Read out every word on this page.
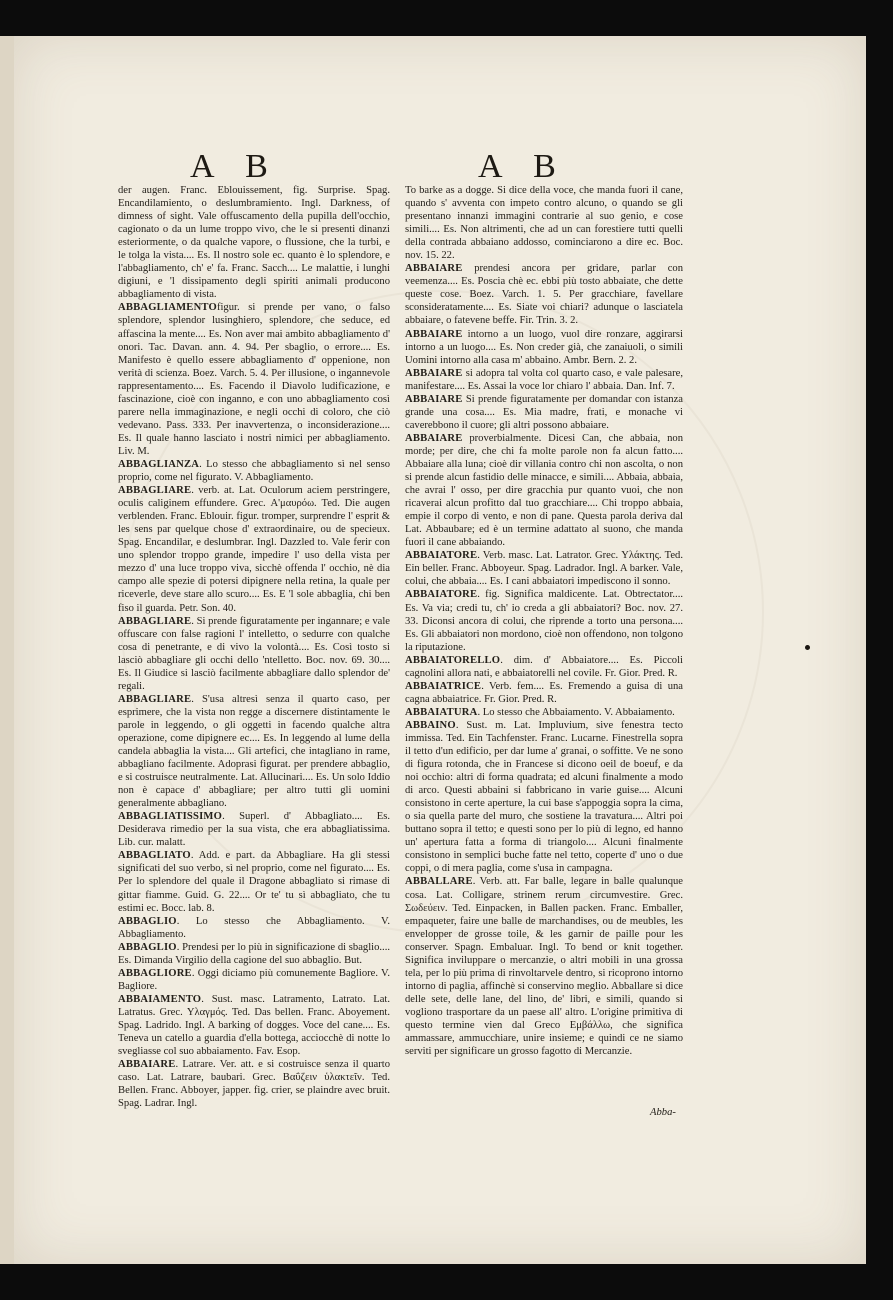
A B	A B

der augen. Franc. Eblouissement, fig. Surprise. Spag. Encandilamiento, o deslumbramiento. Ingl. Darkness, of dimness of sight. Vale offuscamento della pupilla dell'occhio, cagionato o da un lume troppo vivo, che le si presenti dinanzi esteriormente, o da qualche vapore, o flussione, che la turbi, e le tolga la vista.... Es. Il nostro sole ec. quanto è lo splendore, e l'abbagliamento, ch' e' fa. Franc. Sacch.... Le malattie, i lunghi digiuni, e 'l dissipamento degli spiriti animali producono abbagliamento di vista.

ABBAGLIAMENTOfigur. si prende per vano, o falso splendore, splendor lusinghiero, splendore, che seduce, ed affascina la mente.... Es. Non aver mai ambito abbagliamento d' onori. Tac. Davan. ann. 4. 94. Per sbaglio, o errore.... Es. Manifesto è quello essere abbagliamento d' oppenione, non verità di scienza. Boez. Varch. 5. 4. Per illusione, o ingannevole rappresentamento.... Es. Facendo il Diavolo ludificazione, e fascinazione, cioè con inganno, e con uno abbagliamento così parere nella immaginazione, e negli occhi di coloro, che ciò vedevano. Pass. 333. Per inavvertenza, o inconsiderazione.... Es. Il quale hanno lasciato i nostri nimici per abbagliamento. Liv. M.

ABBAGLIANZA. Lo stesso che abbagliamento sì nel senso proprio, come nel figurato. V. Abbagliamento.

ABBAGLIARE. verb. at. Lat. Oculorum aciem perstringere, oculis caliginem effundere. Grec. Α'μαυρόω. Ted. Die augen verblenden. Franc. Eblouir. figur. tromper, surprendre l' esprit & les sens par quelque chose d' extraordinaire, ou de specieux. Spag. Encandilar, e deslumbrar. Ingl. Dazzled to. Vale ferir con uno splendor troppo grande, impedire l' uso della vista per mezzo d' una luce troppo viva, sicchè offenda l' occhio, nè dia campo alle spezie di potersi dipignere nella retina, la quale per riceverle, deve stare allo scuro.... Es. E 'l sole abbaglia, chi ben fiso il guarda. Petr. Son. 40.

ABBAGLIARE. Si prende figuratamente per ingannare; e vale offuscare con false ragioni l' intelletto, o sedurre con qualche cosa di penetrante, e di vivo la volontà.... Es. Così tosto si lasciò abbagliare gli occhi dello 'ntelletto. Boc. nov. 69. 30.... Es. Il Giudice si lasciò facilmente abbagliare dallo splendor de' regali.

ABBAGLIARE. S'usa altresì senza il quarto caso, per esprimere, che la vista non regge a discernere distintamente le parole in leggendo, o gli oggetti in facendo qualche altra operazione, come dipignere ec.... Es. In leggendo al lume della candela abbaglia la vista.... Gli artefici, che intagliano in rame, abbagliano facilmente. Adoprasi figurat. per prendere abbaglio, e si costruisce neutralmente. Lat. Allucinari.... Es. Un solo Iddio non è capace d' abbagliare; per altro tutti gli uomini generalmente abbagliano.

ABBAGLIATISSIMO. Superl. d' Abbagliato.... Es. Desiderava rimedio per la sua vista, che era abbagliatissima. Lib. cur. malatt.

ABBAGLIATO. Add. e part. da Abbagliare. Ha gli stessi significati del suo verbo, sì nel proprio, come nel figurato.... Es. Per lo splendore del quale il Dragone abbagliato si rimase di gittar fiamme. Guid. G. 22.... Or te' tu sì abbagliato, che tu estimi ec. Bocc. lab. 8.

ABBAGLIO. Lo stesso che Abbagliamento. V. Abbagliamento.

ABBAGLIO. Prendesi per lo più in significazione di sbaglio.... Es. Dimanda Virgilio della cagione del suo abbaglio. But.

ABBAGLIORE. Oggi diciamo più comunemente Bagliore. V. Bagliore.

ABBAIAMENTO. Sust. masc. Latramento, Latrato. Lat. Latratus. Grec. Υλαγμός. Ted. Das bellen. Franc. Aboyement. Spag. Ladrido. Ingl. A barking of dogges. Voce del cane.... Es. Teneva un catello a guardia d'ella bottega, acciocchè di notte lo svegliasse col suo abbaiamento. Fav. Esop.

ABBAIARE. Latrare. Ver. att. e si costruisce senza il quarto caso. Lat. Latrare, baubari. Grec. Βαΰζειν ὑλακτεῖν. Ted. Bellen. Franc. Abboyer, japper. fig. crier, se plaindre avec bruit. Spag. Ladrar. Ingl.

To barke as a dogge. Si dice della voce, che manda fuori il cane, quando s' avventa con impeto contro alcuno, o quando se gli presentano innanzi immagini contrarie al suo genio, e cose simili.... Es. Non altrimenti, che ad un can forestiere tutti quelli della contrada abbaiano addosso, cominciarono a dire ec. Boc. nov. 15. 22.

ABBAIARE prendesi ancora per gridare, parlar con veemenza.... Es. Poscia chè ec. ebbi più tosto abbaiate, che dette queste cose. Boez. Varch. 1. 5. Per gracchiare, favellare sconsideratamente.... Es. Siate voi chiari? adunque o lasciatela abbaiare, o fatevene beffe. Fir. Trin. 3. 2.

ABBAIARE intorno a un luogo, vuol dire ronzare, aggirarsi intorno a un luogo.... Es. Non creder già, che zanaiuoli, o simili Uomini intorno alla casa m' abbaino. Ambr. Bern. 2. 2.

ABBAIARE si adopra tal volta col quarto caso, e vale palesare, manifestare.... Es. Assai la voce lor chiaro l' abbaia. Dan. Inf. 7.

ABBAIARE Si prende figuratamente per domandar con istanza grande una cosa.... Es. Mia madre, frati, e monache vi caverebbono il cuore; gli altri possono abbaiare.

ABBAIARE proverbialmente. Dicesi Can, che abbaia, non morde; per dire, che chi fa molte parole non fa alcun fatto.... Abbaiare alla luna; cioè dir villania contro chi non ascolta, o non si prende alcun fastidio delle minacce, e simili.... Abbaia, abbaia, che avrai l' osso, per dire gracchia pur quanto vuoi, che non ricaverai alcun profitto dal tuo gracchiare.... Chi troppo abbaia, empie il corpo di vento, e non di pane. Questa parola deriva dal Lat. Abbaubare; ed è un termine adattato al suono, che manda fuori il cane abbaiando.

ABBAIATORE. Verb. masc. Lat. Latrator. Grec. Υλάκτης. Ted. Ein beller. Franc. Abboyeur. Spag. Ladrador. Ingl. A barker. Vale, colui, che abbaia.... Es. I cani abbaiatori impediscono il sonno.

ABBAIATORE. fig. Significa maldicente. Lat. Obtrectator.... Es. Va via; credi tu, ch' io creda a gli abbaiatori? Boc. nov. 27. 33. Diconsi ancora di colui, che riprende a torto una persona.... Es. Gli abbaiatori non mordono, cioè non offendono, non tolgono la riputazione.

ABBAIATORELLO. dim. d' Abbaiatore.... Es. Piccoli cagnolini allora nati, e abbaiatorelli nel covile. Fr. Gior. Pred. R.

ABBAIATRICE. Verb. fem.... Es. Fremendo a guisa di una cagna abbaiatrice. Fr. Gior. Pred. R.

ABBAIATURA. Lo stesso che Abbaiamento. V. Abbaiamento.

ABBAINO. Sust. m. Lat. Impluvium, sive fenestra tecto immissa. Ted. Ein Tachfenster. Franc. Lucarne. Finestrella sopra il tetto d'un edificio, per dar lume a' granai, o soffitte. Ve ne sono di figura rotonda, che in Francese si dicono oeil de boeuf, e da noi occhio: altri di forma quadrata; ed alcuni finalmente a modo di arco. Questi abbaini si fabbricano in varie guise.... Alcuni consistono in certe aperture, la cui base s'appoggia sopra la cima, o sia quella parte del muro, che sostiene la travatura.... Altri poi buttano sopra il tetto; e questi sono per lo più di legno, ed hanno un' apertura fatta a forma di triangolo.... Alcuni finalmente consistono in semplici buche fatte nel tetto, coperte d' uno o due coppi, o di mera paglia, come s'usa in campagna.

ABBALLARE. Verb. att. Far balle, legare in balle qualunque cosa. Lat. Colligare, strinem rerum circumvestire. Grec. Σωδεύειν. Ted. Einpacken, in Ballen packen. Franc. Emballer, empaqueter, faire une balle de marchandises, ou de meubles, les envelopper de grosse toile, & les garnir de paille pour les conserver. Spagn. Embaluar. Ingl. To bend or knit together. Significa inviluppare o mercanzie, o altri mobili in una grossa tela, per lo più prima di rinvoltarvele dentro, si ricoprono intorno intorno di paglia, affinchè si conservino meglio. Abballare si dice delle sete, delle lane, del lino, de' libri, e simili, quando si vogliono trasportare da un paese all' altro. L'origine primitiva di questo termine vien dal Greco Εμβάλλω, che significa ammassare, ammucchiare, unire insieme; e quindi ce ne siamo serviti per significare un grosso fagotto di Mercanzie.

Abba-
